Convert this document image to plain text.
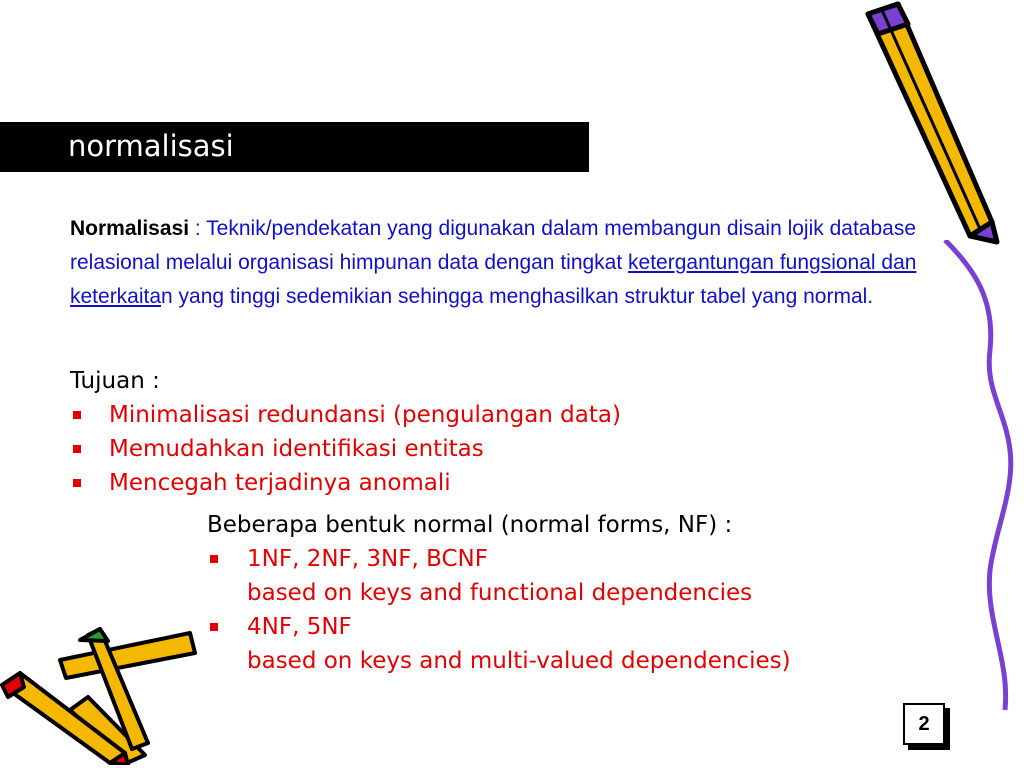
normalisasi
Normalisasi : Teknik/pendekatan yang digunakan dalam membangun disain lojik database relasional melalui organisasi himpunan data dengan tingkat ketergantungan fungsional dan keterkaitan yang tinggi sedemikian sehingga menghasilkan struktur tabel yang normal.
Tujuan :
Minimalisasi redundansi (pengulangan data)
Memudahkan identifikasi entitas
Mencegah terjadinya anomali
Beberapa bentuk normal (normal forms, NF) :
1NF, 2NF, 3NF, BCNF
based on keys and functional dependencies
4NF, 5NF
based on keys and multi-valued dependencies)
2
